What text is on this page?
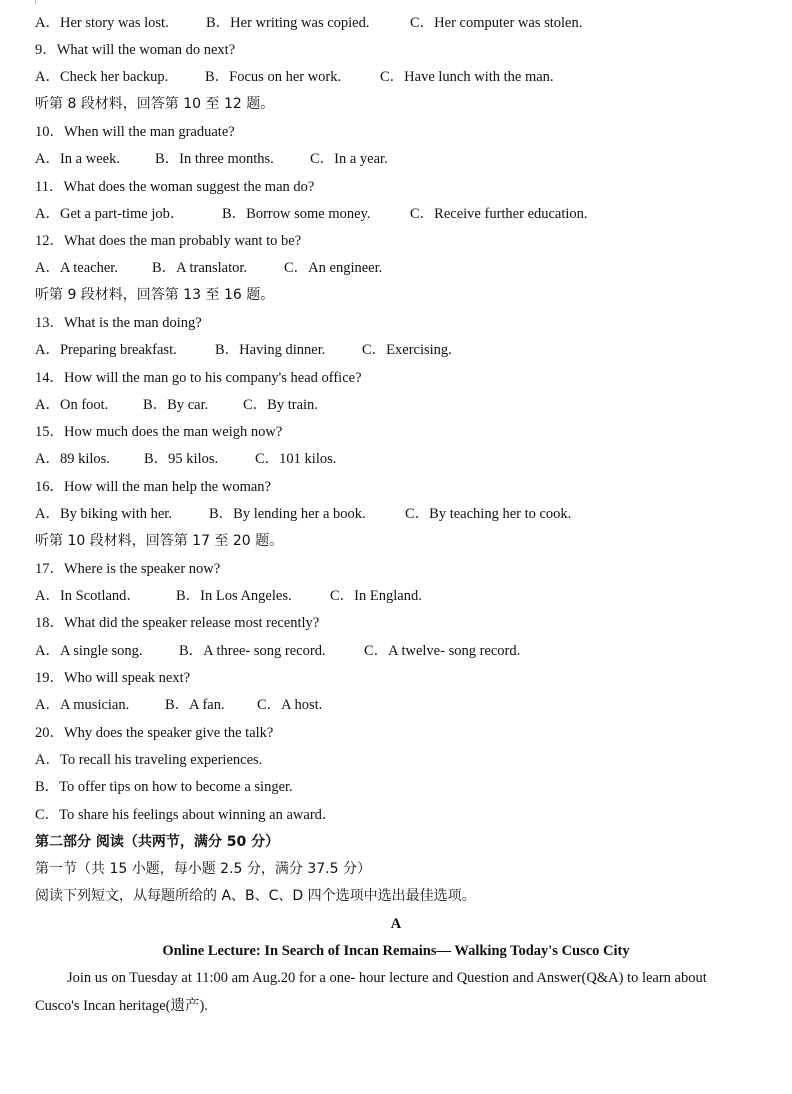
A．Her story was lost.	B．Her writing was copied.	C．Her computer was stolen.
9．What will the woman do next?
A．Check her backup.	B．Focus on her work.	C．Have lunch with the man.
听第 8 段材料，回答第 10 至 12 题。
10．When will the man graduate?
A．In a week. B．In three months. C．In a year.
11．What does the woman suggest the man do?
A．Get a part-time job．	B．Borrow some money.	C．Receive further education.
12．What does the man probably want to be?
A．A teacher. B．A translator.	C．An engineer.
听第 9 段材料，回答第 13 至 16 题。
13．What is the man doing?
A．Preparing breakfast.	B．Having dinner.	C．Exercising.
14．How will the man go to his company's head office?
A．On foot. B．By car. C．By train.
15．How much does the man weigh now?
A．89 kilos. B．95 kilos.	C．101 kilos.
16．How will the man help the woman?
A．By biking with her.	B．By lending her a book.	C．By teaching her to cook.
听第 10 段材料，回答第 17 至 20 题。
17．Where is the speaker now?
A．In Scotland． B．In Los Angeles.	C．In England.
18．What did the speaker release most recently?
A．A single song.	B．A three- song record.	C．A twelve- song record.
19．Who will speak next?
A．A musician. B．A fan. C．A host.
20．Why does the speaker give the talk?
A．To recall his traveling experiences.
B．To offer tips on how to become a singer.
C．To share his feelings about winning an award．
第二部分 阅读（共两节，满分 50 分）
第一节（共 15 小题，每小题 2.5 分，满分 37.5 分）
阅读下列短文，从每题所给的 A、B、C、D 四个选项中选出最佳选项。
A
Online Lecture: In Search of Incan Remains— Walking Today's Cusco City
Join us on Tuesday at 11:00 am Aug.20 for a one- hour lecture and Question and Answer(Q&A) to learn about
Cusco's Incan heritage(遗产).
